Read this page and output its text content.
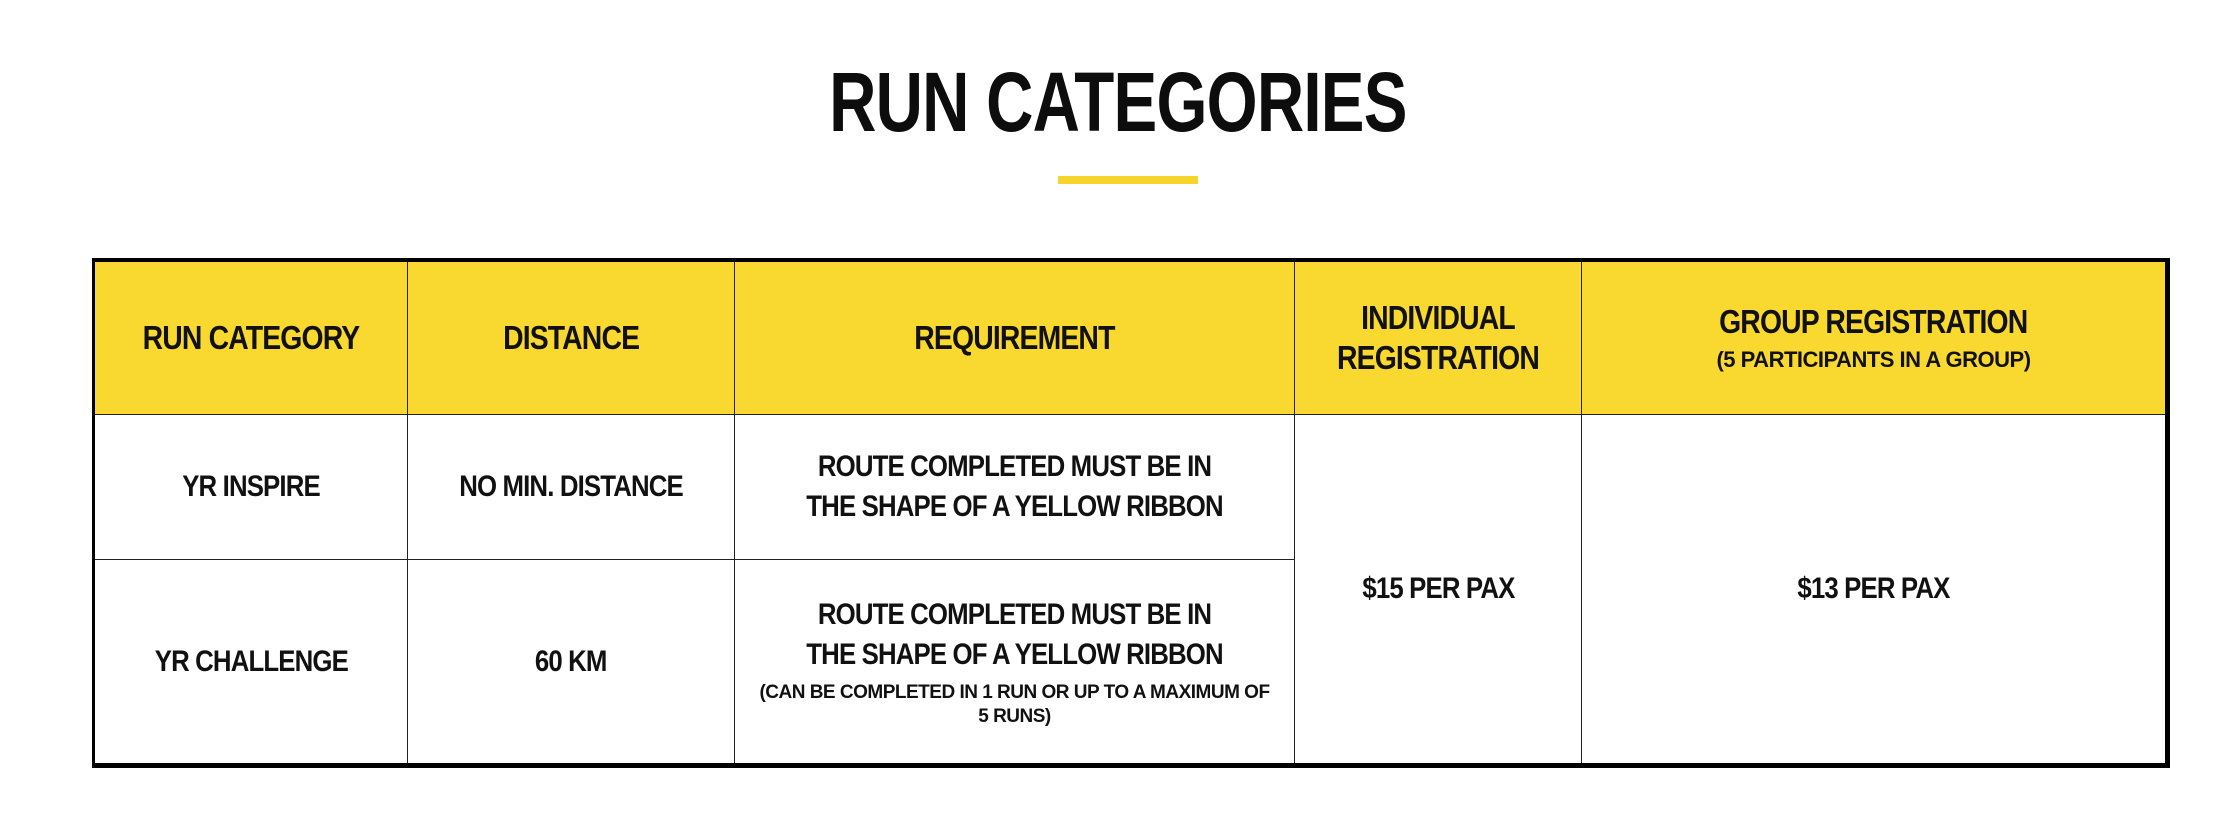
RUN CATEGORIES
RUN CATEGORY	DISTANCE	REQUIREMENT	INDIVIDUAL REGISTRATION	GROUP REGISTRATION
(5 PARTICIPANTS IN A GROUP)

YR INSPIRE	NO MIN. DISTANCE	ROUTE COMPLETED MUST BE IN THE SHAPE OF A YELLOW RIBBON	$15 PER PAX	$13 PER PAX
YR CHALLENGE	60 KM	ROUTE COMPLETED MUST BE IN THE SHAPE OF A YELLOW RIBBON
(CAN BE COMPLETED IN 1 RUN OR UP TO A MAXIMUM OF 5 RUNS)		
